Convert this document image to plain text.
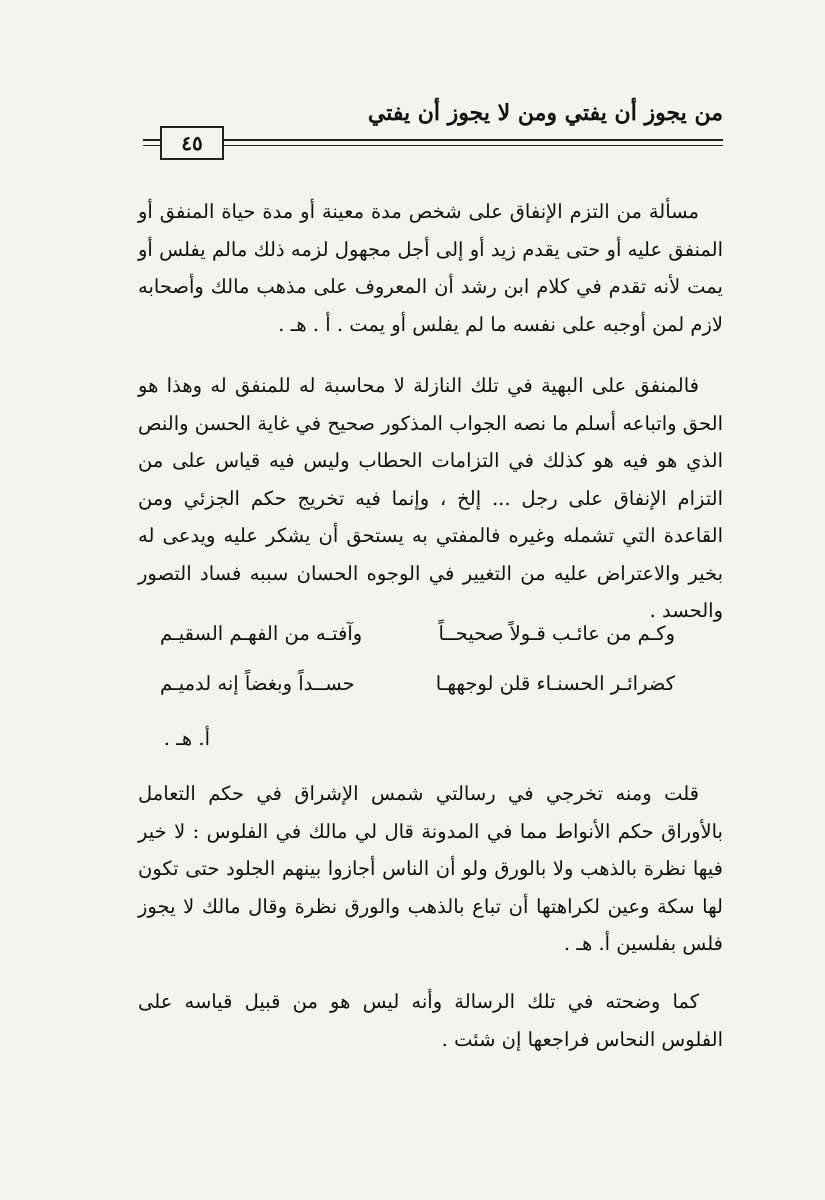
من يجوز أن يفتي ومن لا يجوز أن يفتي
٤٥
مسألة من التزم الإنفاق على شخص مدة معينة أو مدة حياة المنفق أو المنفق عليه أو حتى يقدم زيد أو إلى أجل مجهول لزمه ذلك مالم يفلس أو يمت لأنه تقدم في كلام ابن رشد أن المعروف على مذهب مالك وأصحابه لازم لمن أوجبه على نفسه ما لم يفلس أو يمت . أ . هـ .
فالمنفق على البهية في تلك النازلة لا محاسبة له للمنفق له وهذا هو الحق واتباعه أسلم ما نصه الجواب المذكور صحيح في غاية الحسن والنص الذي هو فيه هو كذلك في التزامات الحطاب وليس فيه قياس على من التزام الإنفاق على رجل ... إلخ ، وإنما فيه تخريج حكم الجزئي ومن القاعدة التي تشمله وغيره فالمفتي به يستحق أن يشكر عليه ويدعى له بخير والاعتراض عليه من التغيير في الوجوه الحسان سببه فساد التصور والحسد .
وكـم من عائـب قـولاً صحيحــاً
وآفتـه من الفهـم السقيـم
كضرائـر الحسنـاء قلن لوجههـا
حســداً وبغضاً إنه لدميـم
أ. هـ .
قلت ومنه تخرجي في رسالتي شمس الإشراق في حكم التعامل بالأوراق حكم الأنواط مما في المدونة قال لي مالك في الفلوس : لا خير فيها نظرة بالذهب ولا بالورق ولو أن الناس أجازوا بينهم الجلود حتى تكون لها سكة وعين لكراهتها أن تباع بالذهب والورق نظرة وقال مالك لا يجوز فلس بفلسين أ. هـ .
كما وضحته في تلك الرسالة وأنه ليس هو من قبيل قياسه على الفلوس النحاس فراجعها إن شئت .
